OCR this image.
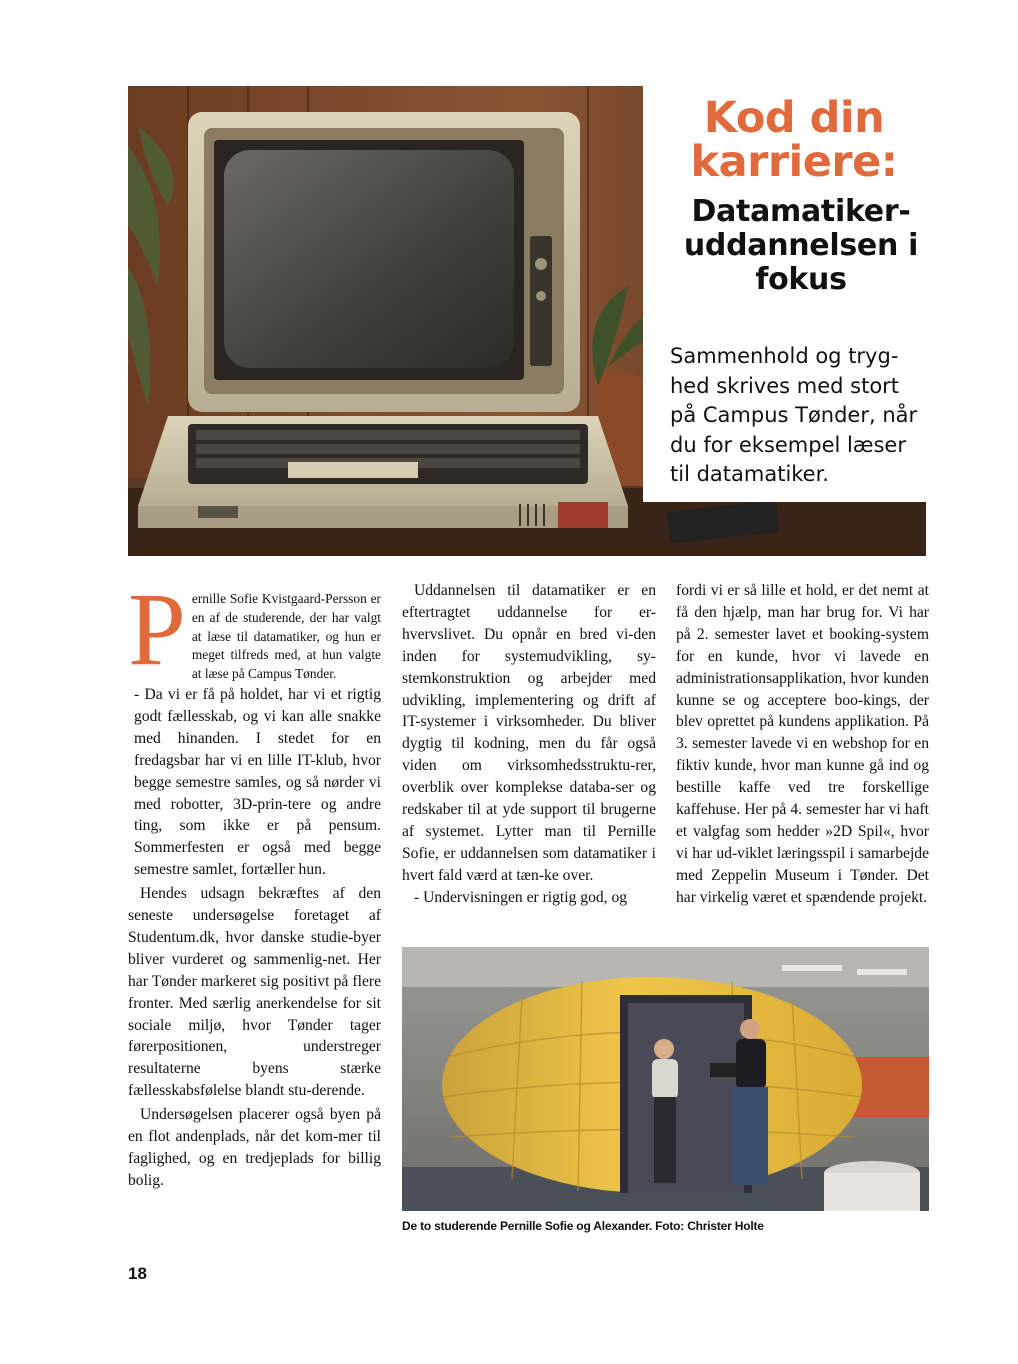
Kod din karriere:
Datamatiker-uddannelsen i fokus

Sammenhold og tryg-hed skrives med stort på Campus Tønder, når du for eksempel læser til datamatiker.

Pernille Sofie Kvistgaard-Persson er en af de studerende, der har valgt at læse til datamatiker, og hun er meget tilfreds med, at hun valgte at læse på Campus Tønder.

- Da vi er få på holdet, har vi et rigtig godt fællesskab, og vi kan alle snakke med hinanden. I stedet for en fredagsbar har vi en lille IT-klub, hvor begge semestre samles, og så nørder vi med robotter, 3D-prin-tere og andre ting, som ikke er på pensum. Sommerfesten er også med begge semestre samlet, fortæller hun.

Hendes udsagn bekræftes af den seneste undersøgelse foretaget af Studentum.dk, hvor danske studie-byer bliver vurderet og sammenlig-net. Her har Tønder markeret sig positivt på flere fronter. Med særlig anerkendelse for sit sociale miljø, hvor Tønder tager førerpositionen, understreger resultaterne byens stærke fællesskabsfølelse blandt stu-derende.

Undersøgelsen placerer også byen på en flot andenplads, når det kom-mer til faglighed, og en tredjeplads for billig bolig.

Uddannelsen til datamatiker er en eftertragtet uddannelse for er-hvervslivet. Du opnår en bred vi-den inden for systemudvikling, sy-stemkonstruktion og arbejder med udvikling, implementering og drift af IT-systemer i virksomheder. Du bliver dygtig til kodning, men du får også viden om virksomhedsstruktu-rer, overblik over komplekse databa-ser og redskaber til at yde support til brugerne af systemet. Lytter man til Pernille Sofie, er uddannelsen som datamatiker i hvert fald værd at tæn-ke over.

- Undervisningen er rigtig god, og

fordi vi er så lille et hold, er det nemt at få den hjælp, man har brug for. Vi har på 2. semester lavet et booking-system for en kunde, hvor vi lavede en administrationsapplikation, hvor kunden kunne se og acceptere boo-kings, der blev oprettet på kundens applikation. På 3. semester lavede vi en webshop for en fiktiv kunde, hvor man kunne gå ind og bestille kaffe ved tre forskellige kaffehuse. Her på 4. semester har vi haft et valgfag som hedder »2D Spil«, hvor vi har ud-viklet læringsspil i samarbejde med Zeppelin Museum i Tønder. Det har virkelig været et spændende projekt.

De to studerende Pernille Sofie og Alexander. Foto: Christer Holte

18
